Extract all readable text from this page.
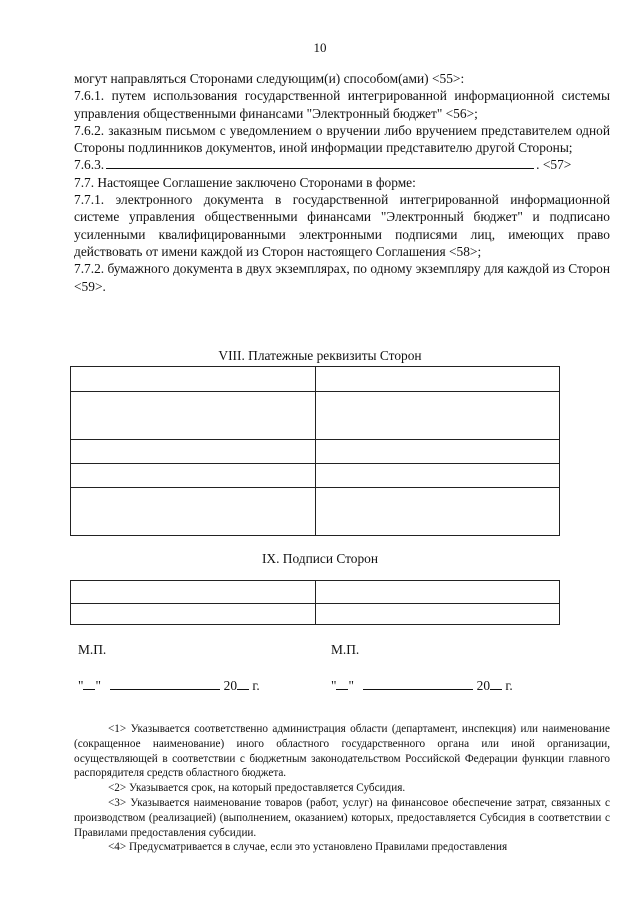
10

могут направляться Сторонами следующим(и) способом(ами) <55>:

7.6.1. путем использования государственной интегрированной информационной системы управления общественными финансами "Электронный бюджет" <56>;

7.6.2. заказным письмом с уведомлением о вручении либо вручением представителем одной Стороны подлинников документов, иной информации представителю другой Стороны;

7.6.3.	. <57>

7.7. Настоящее Соглашение заключено Сторонами в форме:

7.7.1. электронного документа в государственной интегрированной информационной системе управления общественными финансами "Электронный бюджет" и подписано усиленными квалифицированными электронными подписями лиц, имеющих право действовать от имени каждой из Сторон настоящего Соглашения <58>;

7.7.2. бумажного документа в двух экземплярах, по одному экземпляру для каждой из Сторон <59>.

VIII. Платежные реквизиты Сторон

IX. Подписи Сторон

М.П.	М.П.
" "	20 г.	" "	20 г.

<1> Указывается соответственно администрация области (департамент, инспекция) или наименование (сокращенное наименование) иного областного государственного органа или иной организации, осуществляющей в соответствии с бюджетным законодательством Российской Федерации функции главного распорядителя средств областного бюджета.

<2> Указывается срок, на который предоставляется Субсидия.

<3> Указывается наименование товаров (работ, услуг) на финансовое обеспечение затрат, связанных с производством (реализацией) (выполнением, оказанием) которых, предоставляется Субсидия в соответствии с Правилами предоставления субсидии.

<4> Предусматривается в случае, если это установлено Правилами предоставления
